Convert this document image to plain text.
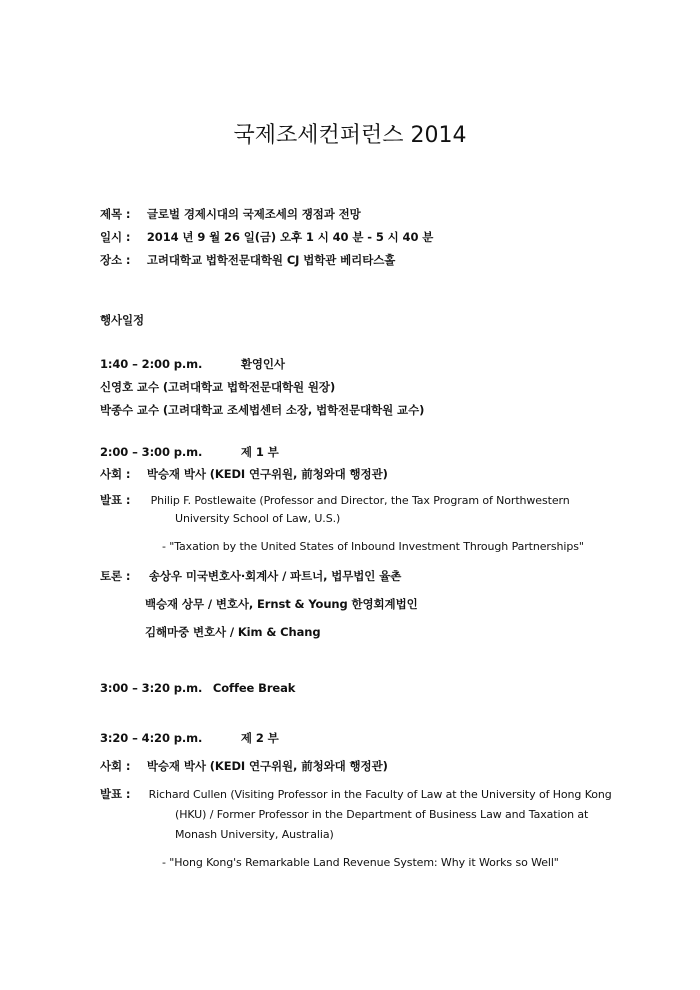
국제조세컨퍼런스 2014
제목 : 글로벌 경제시대의 국제조세의 쟁점과 전망
일시 : 2014 년 9 월 26 일(금) 오후 1 시 40 분 - 5 시 40 분
장소 : 고려대학교 법학전문대학원 CJ 법학관 베리타스홀
행사일정
1:40 – 2:00 p.m.	환영인사
신영호 교수 (고려대학교 법학전문대학원 원장)
박종수 교수 (고려대학교 조세법센터 소장, 법학전문대학원 교수)
2:00 – 3:00 p.m.	제 1 부
사회 : 박승재 박사 (KEDI 연구위원, 前청와대 행정관)
발표 : Philip F. Postlewaite (Professor and Director, the Tax Program of Northwestern
University School of Law, U.S.)
- "Taxation by the United States of Inbound Investment Through Partnerships"
토론 : 송상우 미국변호사·회계사 / 파트너, 법무법인 율촌
백승재 상무 / 변호사, Ernst & Young 한영회계법인
김해마중 변호사 / Kim & Chang
3:00 – 3:20 p.m. Coffee Break
3:20 – 4:20 p.m.	제 2 부
사회 : 박승재 박사 (KEDI 연구위원, 前청와대 행정관)
발표 : Richard Cullen (Visiting Professor in the Faculty of Law at the University of Hong Kong
(HKU) / Former Professor in the Department of Business Law and Taxation at
Monash University, Australia)
- "Hong Kong's Remarkable Land Revenue System: Why it Works so Well"
